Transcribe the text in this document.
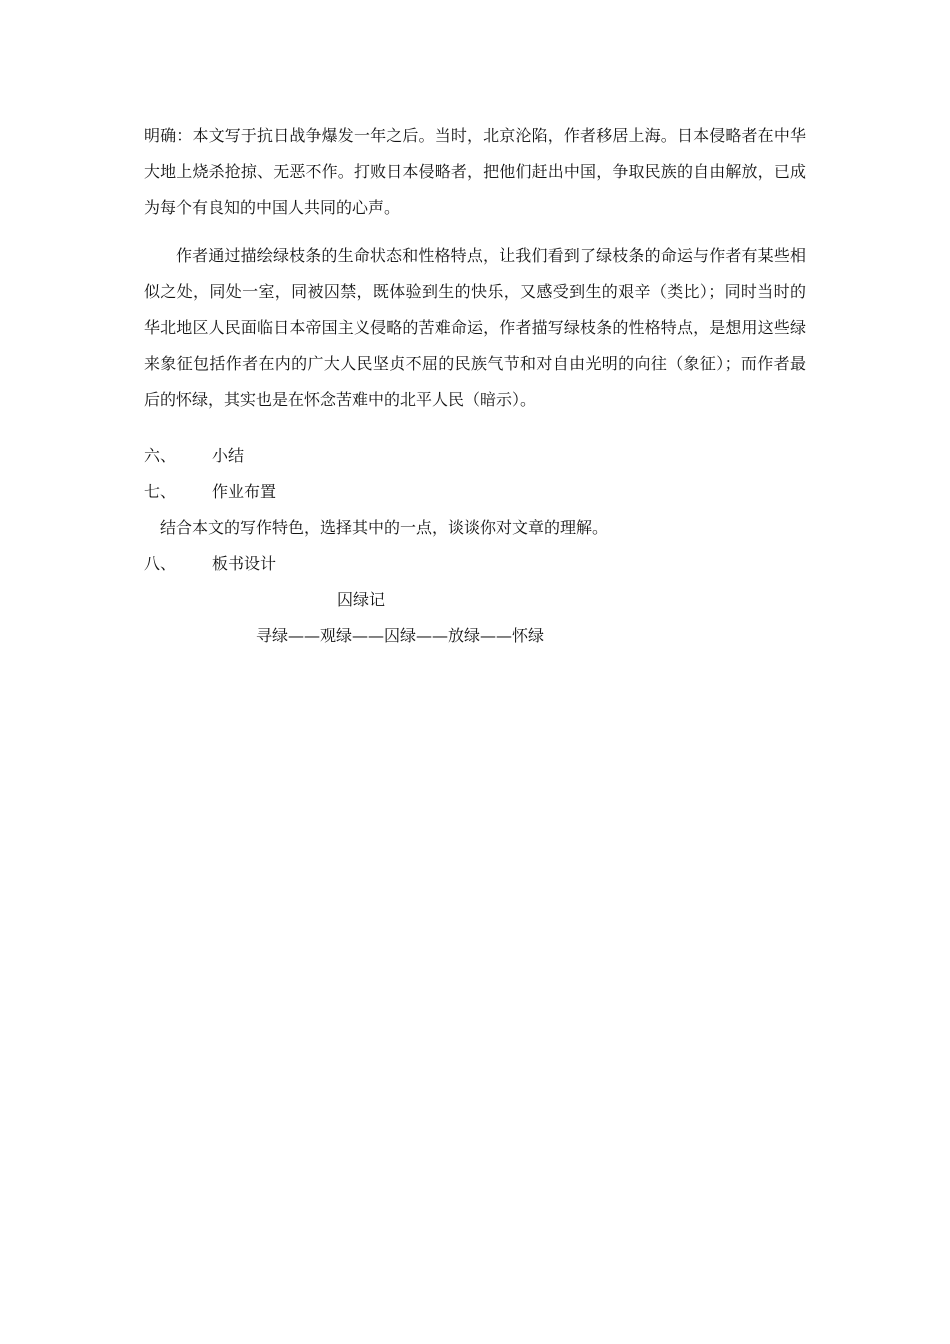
明确：本文写于抗日战争爆发一年之后。当时，北京沦陷，作者移居上海。日本侵略者在中华大地上烧杀抢掠、无恶不作。打败日本侵略者，把他们赶出中国，争取民族的自由解放，已成为每个有良知的中国人共同的心声。

作者通过描绘绿枝条的生命状态和性格特点，让我们看到了绿枝条的命运与作者有某些相似之处，同处一室，同被囚禁，既体验到生的快乐，又感受到生的艰辛（类比）；同时当时的华北地区人民面临日本帝国主义侵略的苦难命运，作者描写绿枝条的性格特点，是想用这些绿来象征包括作者在内的广大人民坚贞不屈的民族气节和对自由光明的向往（象征）；而作者最后的怀绿，其实也是在怀念苦难中的北平人民（暗示）。

六、 小结
七、 作业布置
结合本文的写作特色，选择其中的一点，谈谈你对文章的理解。
八、 板书设计
囚绿记
寻绿——观绿——囚绿——放绿——怀绿
